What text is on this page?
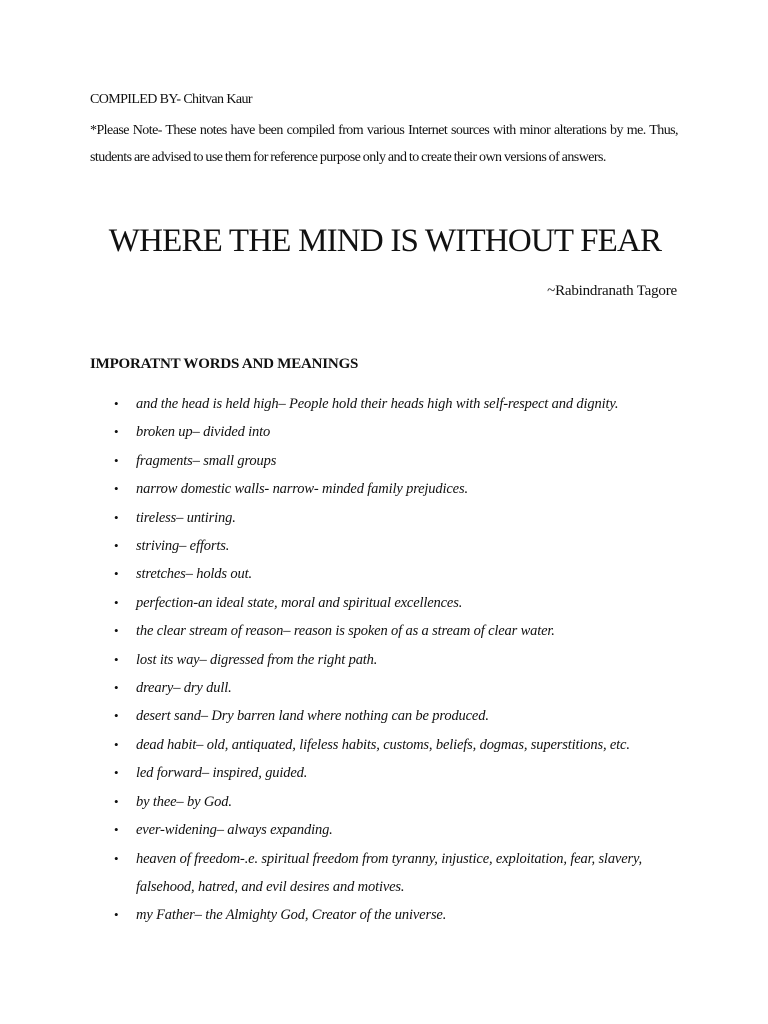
COMPILED BY- Chitvan Kaur
*Please Note- These notes have been compiled from various Internet sources with minor alterations by me. Thus, students are advised to use them for reference purpose only and to create their own versions of answers.
WHERE THE MIND IS WITHOUT FEAR
~Rabindranath Tagore
IMPORATNT WORDS AND MEANINGS
• and the head is held high– People hold their heads high with self-respect and dignity.
• broken up– divided into
• fragments– small groups
• narrow domestic walls- narrow- minded family prejudices.
• tireless– untiring.
• striving– efforts.
• stretches– holds out.
• perfection-an ideal state, moral and spiritual excellences.
• the clear stream of reason– reason is spoken of as a stream of clear water.
• lost its way– digressed from the right path.
• dreary– dry dull.
• desert sand– Dry barren land where nothing can be produced.
• dead habit– old, antiquated, lifeless habits, customs, beliefs, dogmas, superstitions, etc.
• led forward– inspired, guided.
• by thee– by God.
• ever-widening– always expanding.
• heaven of freedom-.e. spiritual freedom from tyranny, injustice, exploitation, fear, slavery, falsehood, hatred, and evil desires and motives.
• my Father– the Almighty God, Creator of the universe.
